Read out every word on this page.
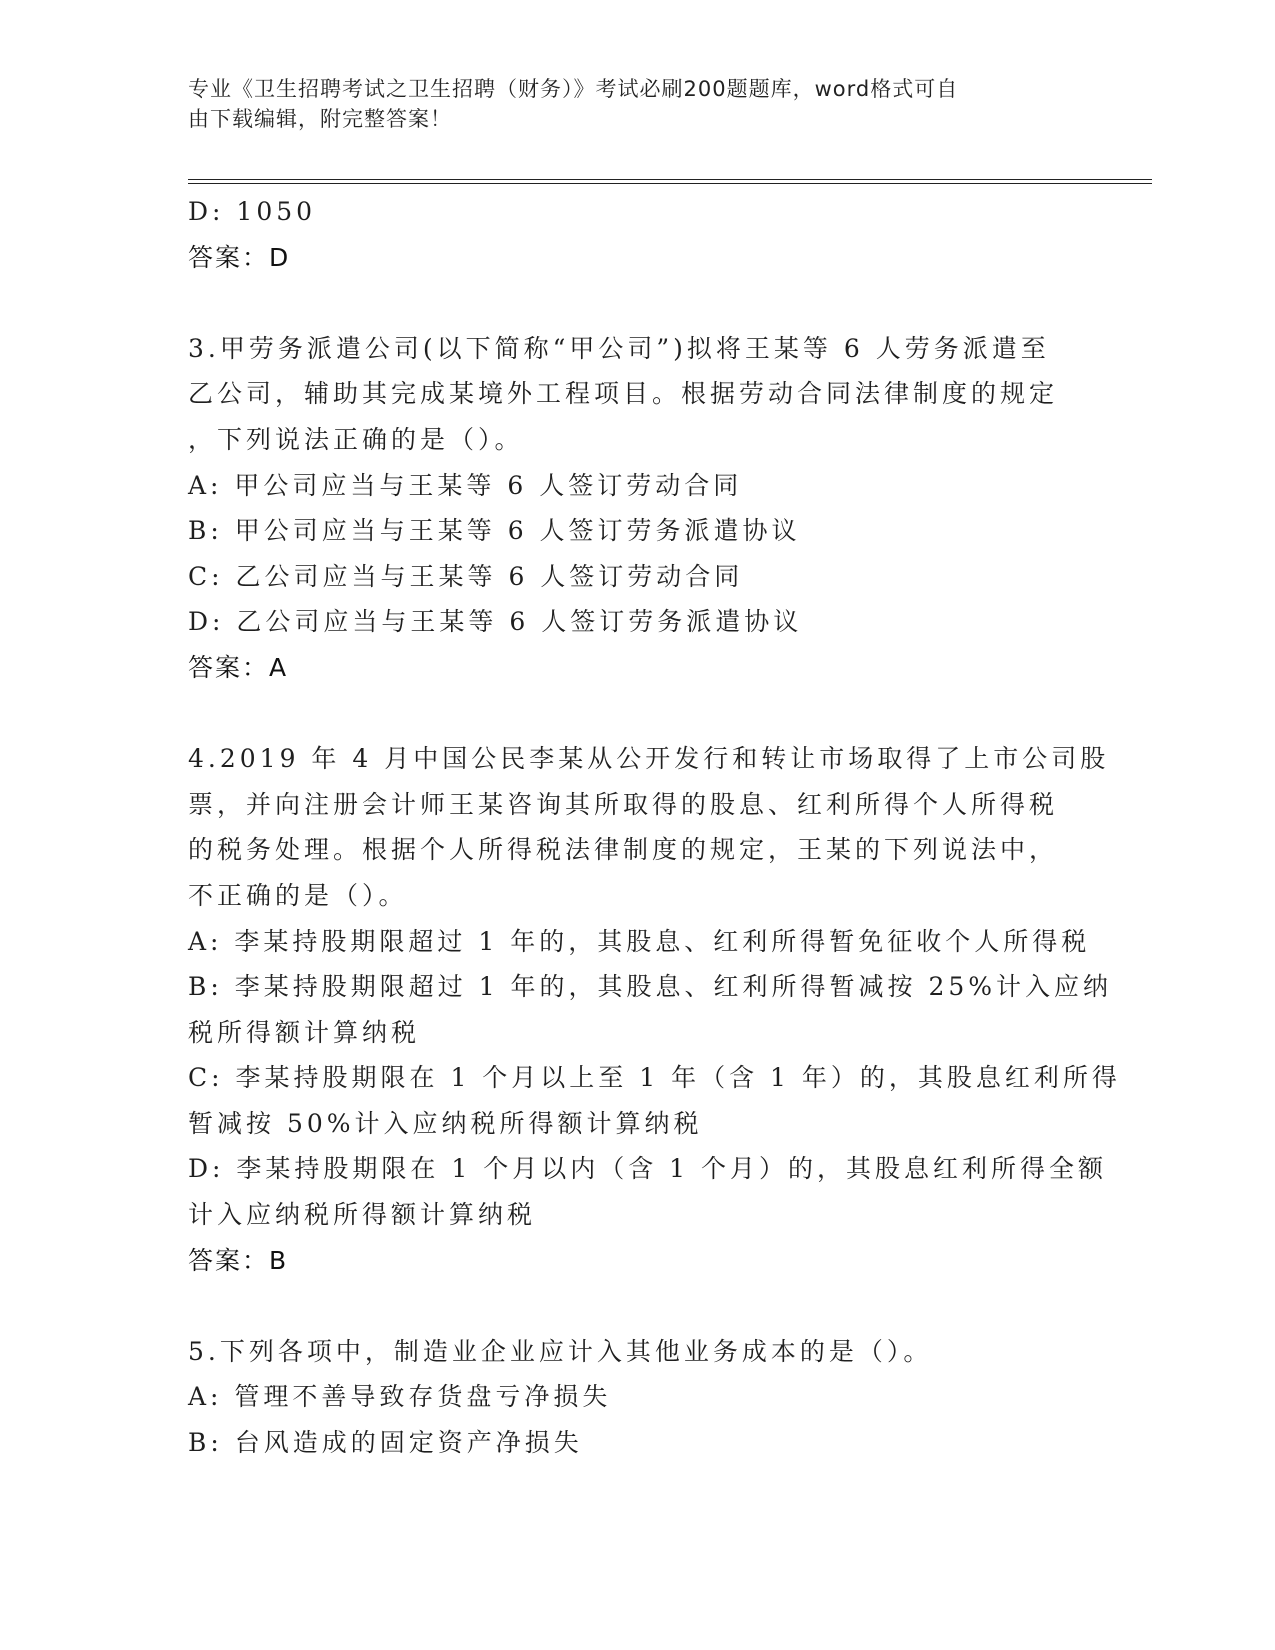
专业《卫生招聘考试之卫生招聘（财务）》考试必刷200题题库，word格式可自
由下载编辑，附完整答案！
D: 1050
答案：D
3.甲劳务派遣公司(以下简称“甲公司”)拟将王某等 6 人劳务派遣至
乙公司，辅助其完成某境外工程项目。根据劳动合同法律制度的规定
，下列说法正确的是（）。
A: 甲公司应当与王某等 6 人签订劳动合同
B: 甲公司应当与王某等 6 人签订劳务派遣协议
C: 乙公司应当与王某等 6 人签订劳动合同
D: 乙公司应当与王某等 6 人签订劳务派遣协议
答案：A
4.2019 年 4 月中国公民李某从公开发行和转让市场取得了上市公司股
票，并向注册会计师王某咨询其所取得的股息、红利所得个人所得税
的税务处理。根据个人所得税法律制度的规定，王某的下列说法中，
不正确的是（）。
A: 李某持股期限超过 1 年的，其股息、红利所得暂免征收个人所得税
B: 李某持股期限超过 1 年的，其股息、红利所得暂减按 25%计入应纳
税所得额计算纳税
C: 李某持股期限在 1 个月以上至 1 年（含 1 年）的，其股息红利所得
暂减按 50%计入应纳税所得额计算纳税
D: 李某持股期限在 1 个月以内（含 1 个月）的，其股息红利所得全额
计入应纳税所得额计算纳税
答案：B
5.下列各项中，制造业企业应计入其他业务成本的是（）。
A: 管理不善导致存货盘亏净损失
B: 台风造成的固定资产净损失
